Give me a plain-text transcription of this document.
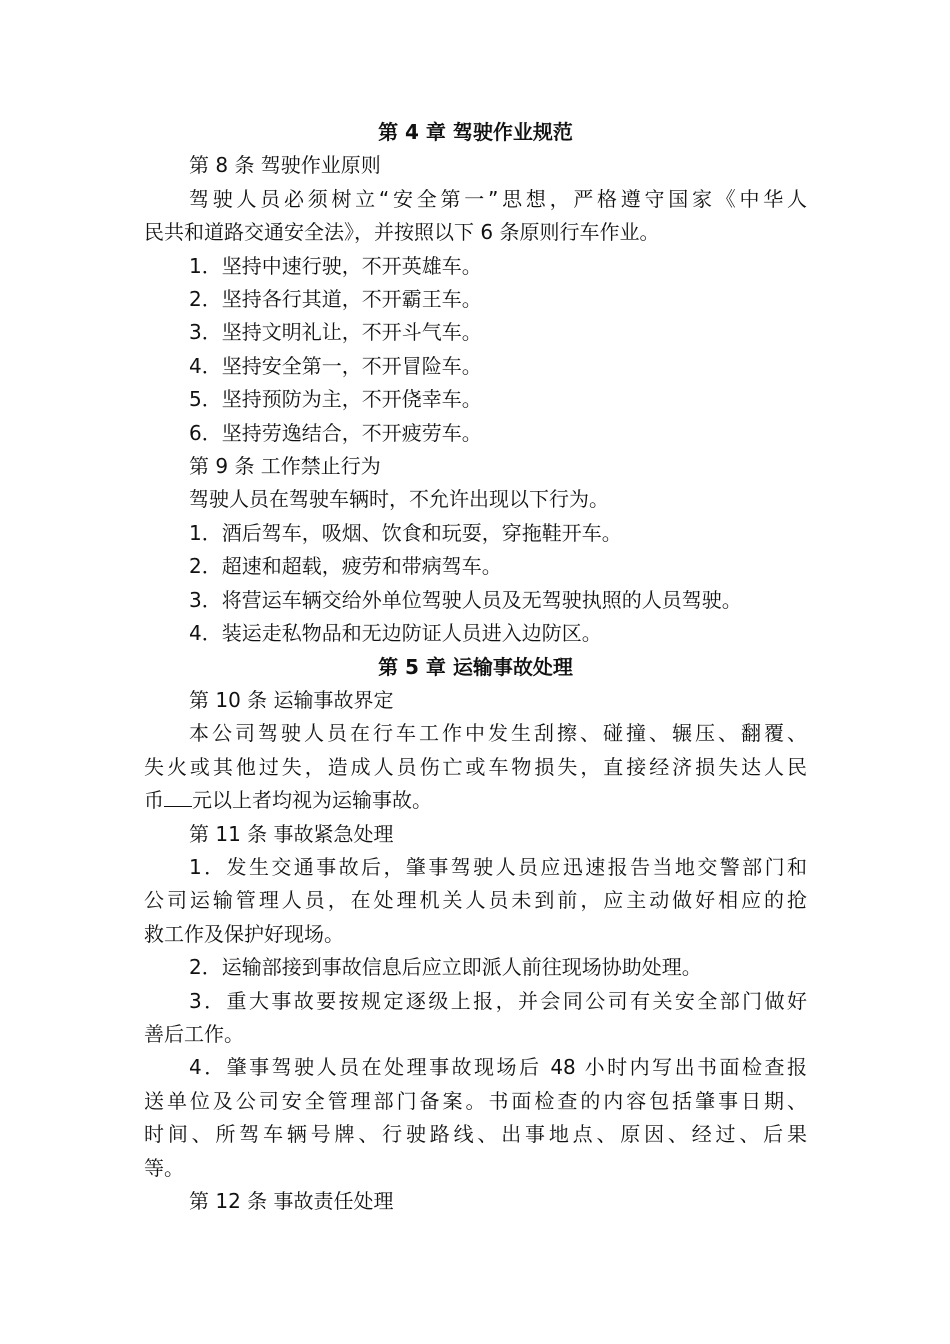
第 4 章 驾驶作业规范

第 8 条 驾驶作业原则

驾驶人员必须树立“安全第一”思想，严格遵守国家《中华人

民共和道路交通安全法》，并按照以下 6 条原则行车作业。

1．坚持中速行驶，不开英雄车。

2．坚持各行其道，不开霸王车。

3．坚持文明礼让，不开斗气车。

4．坚持安全第一，不开冒险车。

5．坚持预防为主，不开侥幸车。

6．坚持劳逸结合，不开疲劳车。

第 9 条 工作禁止行为

驾驶人员在驾驶车辆时，不允许出现以下行为。

1．酒后驾车，吸烟、饮食和玩耍，穿拖鞋开车。

2．超速和超载，疲劳和带病驾车。

3．将营运车辆交给外单位驾驶人员及无驾驶执照的人员驾驶。

4．装运走私物品和无边防证人员进入边防区。

第 5 章 运输事故处理

第 10 条 运输事故界定

本公司驾驶人员在行车工作中发生刮擦、碰撞、辗压、翻覆、

失火或其他过失，造成人员伤亡或车物损失，直接经济损失达人民

币 元以上者均视为运输事故。

第 11 条 事故紧急处理

1．发生交通事故后，肇事驾驶人员应迅速报告当地交警部门和

公司运输管理人员，在处理机关人员未到前，应主动做好相应的抢

救工作及保护好现场。

2．运输部接到事故信息后应立即派人前往现场协助处理。

3．重大事故要按规定逐级上报，并会同公司有关安全部门做好

善后工作。

4．肇事驾驶人员在处理事故现场后 48 小时内写出书面检查报

送单位及公司安全管理部门备案。书面检查的内容包括肇事日期、

时间、所驾车辆号牌、行驶路线、出事地点、原因、经过、后果

等。

第 12 条 事故责任处理
